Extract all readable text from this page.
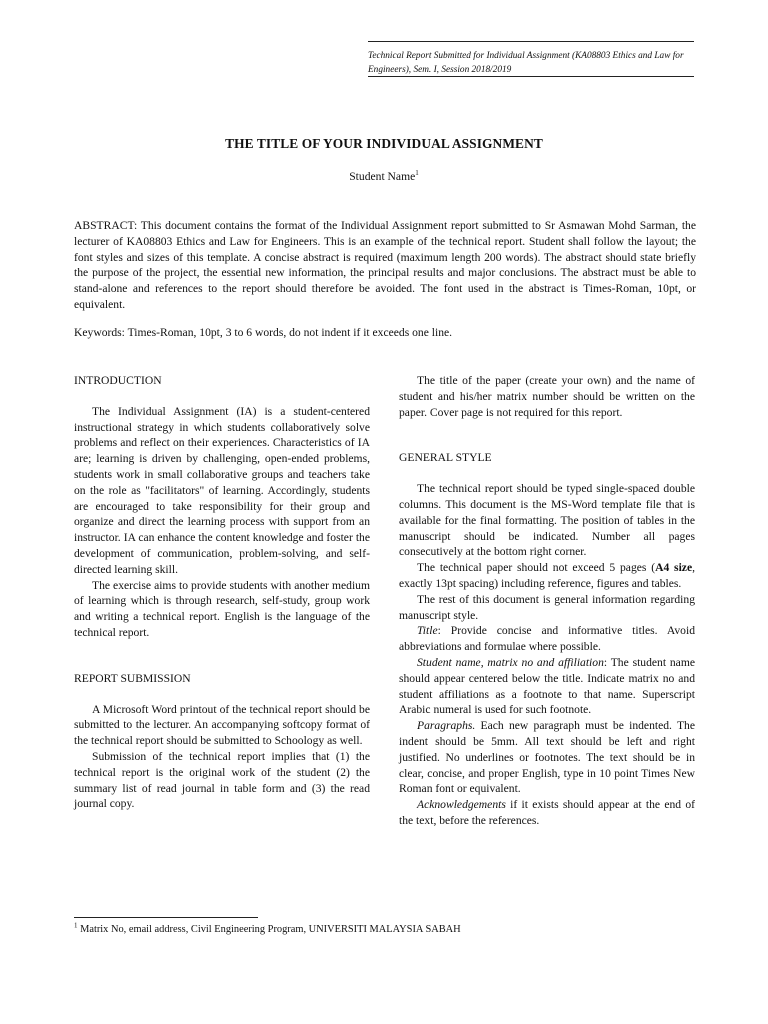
Technical Report Submitted for Individual Assignment (KA08803 Ethics and Law for Engineers), Sem. I, Session 2018/2019
THE TITLE OF YOUR INDIVIDUAL ASSIGNMENT
Student Name$^1$

ABSTRACT: This document contains the format of the Individual Assignment report submitted to Sr Asmawan Mohd Sarman, the lecturer of KA08803 Ethics and Law for Engineers. This is an example of the technical report. Student shall follow the layout; the font styles and sizes of this template. A concise abstract is required (maximum length 200 words). The abstract should state briefly the purpose of the project, the essential new information, the principal results and major conclusions. The abstract must be able to stand-alone and references to the report should therefore be avoided. The font used in the abstract is Times-Roman, 10pt, or equivalent.

Keywords: Times-Roman, 10pt, 3 to 6 words, do not indent if it exceeds one line.

INTRODUCTION

The Individual Assignment (IA) is a student-centered instructional strategy in which students collaboratively solve problems and reflect on their experiences. Characteristics of IA are; learning is driven by challenging, open-ended problems, students work in small collaborative groups and teachers take on the role as "facilitators" of learning. Accordingly, students are encouraged to take responsibility for their group and organize and direct the learning process with support from an instructor. IA can enhance the content knowledge and foster the development of communication, problem-solving, and self-directed learning skill.

The exercise aims to provide students with another medium of learning which is through research, self-study, group work and writing a technical report. English is the language of the technical report.

REPORT SUBMISSION

A Microsoft Word printout of the technical report should be submitted to the lecturer. An accompanying softcopy format of the technical report should be submitted to Schoology as well.

Submission of the technical report implies that (1) the technical report is the original work of the student (2) the summary list of read journal in table form and (3) the read journal copy.

The title of the paper (create your own) and the name of student and his/her matrix number should be written on the paper. Cover page is not required for this report.

GENERAL STYLE

The technical report should be typed single-spaced double columns. This document is the MS-Word template file that is available for the final formatting. The position of tables in the manuscript should be indicated. Number all pages consecutively at the bottom right corner.

The technical paper should not exceed 5 pages (A4 size, exactly 13pt spacing) including reference, figures and tables.

The rest of this document is general information regarding manuscript style.

Title: Provide concise and informative titles. Avoid abbreviations and formulae where possible.

Student name, matrix no and affiliation: The student name should appear centered below the title. Indicate matrix no and student affiliations as a footnote to that name. Superscript Arabic numeral is used for such footnote.

Paragraphs. Each new paragraph must be indented. The indent should be 5mm. All text should be left and right justified. No underlines or footnotes. The text should be in clear, concise, and proper English, type in 10 point Times New Roman font or equivalent.

Acknowledgements if it exists should appear at the end of the text, before the references.

$^1$ Matrix No, email address, Civil Engineering Program, UNIVERSITI MALAYSIA SABAH
